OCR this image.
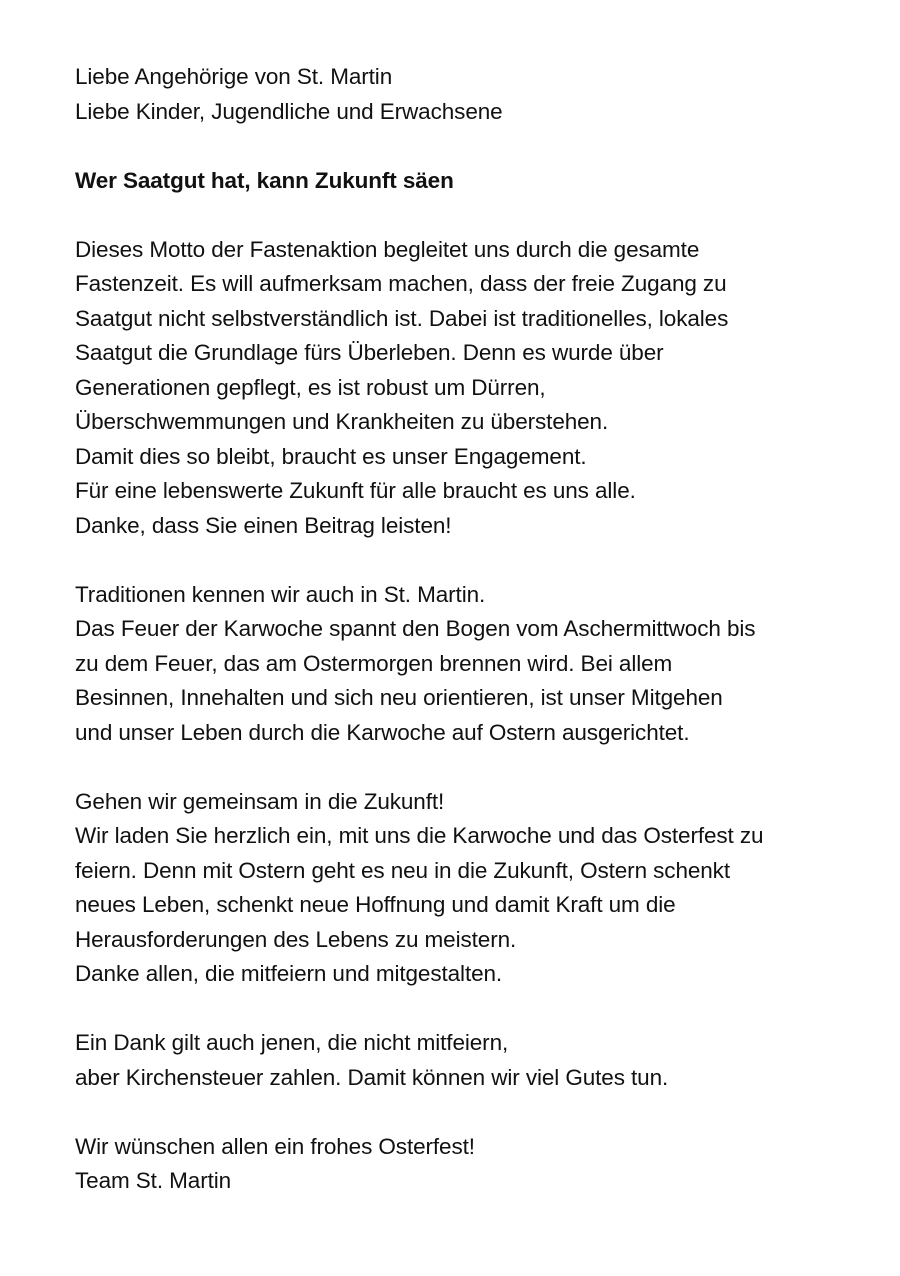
Liebe Angehörige von St. Martin
Liebe Kinder, Jugendliche und Erwachsene
Wer Saatgut hat, kann Zukunft säen
Dieses Motto der Fastenaktion begleitet uns durch die gesamte
Fastenzeit. Es will aufmerksam machen, dass der freie Zugang zu
Saatgut nicht selbstverständlich ist. Dabei ist traditionelles, lokales
Saatgut die Grundlage fürs Überleben. Denn es wurde über
Generationen gepflegt, es ist robust um Dürren,
Überschwemmungen und Krankheiten zu überstehen.
Damit dies so bleibt, braucht es unser Engagement.
Für eine lebenswerte Zukunft für alle braucht es uns alle.
Danke, dass Sie einen Beitrag leisten!
Traditionen kennen wir auch in St. Martin.
Das Feuer der Karwoche spannt den Bogen vom Aschermittwoch bis
zu dem Feuer, das am Ostermorgen brennen wird. Bei allem
Besinnen, Innehalten und sich neu orientieren, ist unser Mitgehen
und unser Leben durch die Karwoche auf Ostern ausgerichtet.
Gehen wir gemeinsam in die Zukunft!
Wir laden Sie herzlich ein, mit uns die Karwoche und das Osterfest zu
feiern. Denn mit Ostern geht es neu in die Zukunft, Ostern schenkt
neues Leben, schenkt neue Hoffnung und damit Kraft um die
Herausforderungen des Lebens zu meistern.
Danke allen, die mitfeiern und mitgestalten.
Ein Dank gilt auch jenen, die nicht mitfeiern,
aber Kirchensteuer zahlen. Damit können wir viel Gutes tun.
Wir wünschen allen ein frohes Osterfest!
Team St. Martin
